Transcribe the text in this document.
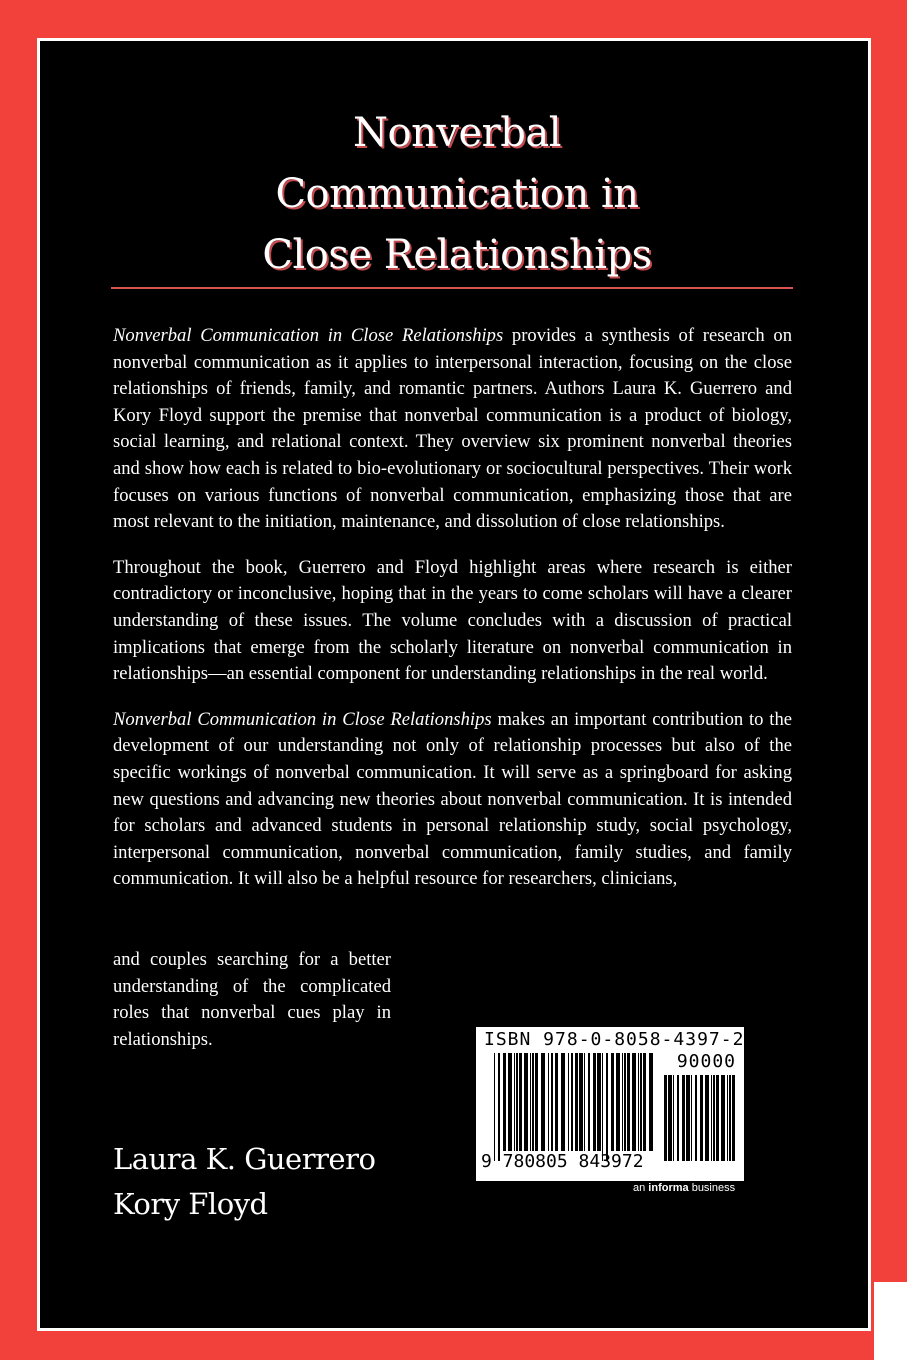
Nonverbal
Communication in
Close Relationships

Nonverbal Communication in Close Relationships provides a synthesis of research on nonverbal communication as it applies to interpersonal interaction, focusing on the close relationships of friends, family, and romantic partners. Authors Laura K. Guerrero and Kory Floyd support the premise that nonverbal communication is a product of biology, social learning, and relational context. They overview six prominent nonverbal theories and show how each is related to bio-evolutionary or sociocultural perspectives. Their work focuses on various functions of nonverbal communication, emphasizing those that are most relevant to the initiation, maintenance, and dissolution of close relationships.

Throughout the book, Guerrero and Floyd highlight areas where research is either contradictory or inconclusive, hoping that in the years to come scholars will have a clearer understanding of these issues. The volume concludes with a discussion of practical implications that emerge from the scholarly literature on nonverbal communication in relationships—an essential component for understanding relationships in the real world.

Nonverbal Communication in Close Relationships makes an important contribution to the development of our understanding not only of relationship processes but also of the specific workings of nonverbal communication. It will serve as a springboard for asking new questions and advancing new theories about nonverbal communication. It is intended for scholars and advanced students in personal relationship study, social psychology, interpersonal communication, nonverbal communication, family studies, and family communication. It will also be a helpful resource for researchers, clinicians,

and couples searching for a better understanding of the complicated roles that nonverbal cues play in relationships.
Laura K. Guerrero
Kory Floyd
ISBN 978-0-8058-4397-2
90000
9 780805 843972
an informa business
